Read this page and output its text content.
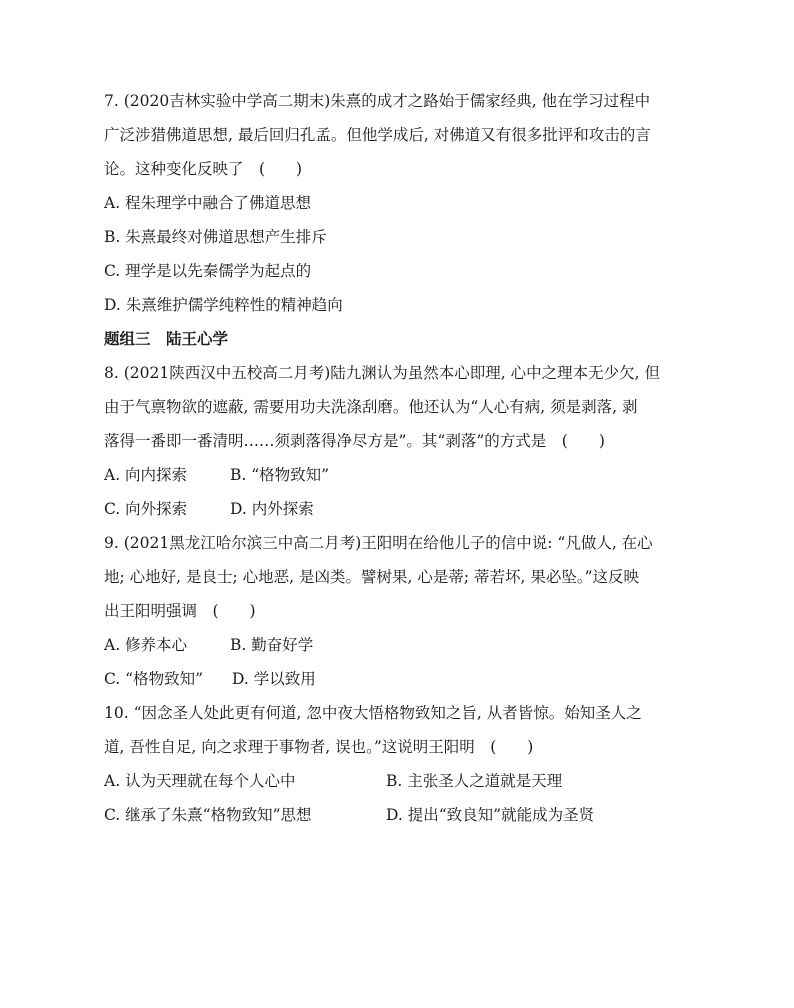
7. (2020吉林实验中学高二期末)朱熹的成才之路始于儒家经典, 他在学习过程中
广泛涉猎佛道思想, 最后回归孔孟。但他学成后, 对佛道又有很多批评和攻击的言
论。这种变化反映了　(　　)
A. 程朱理学中融合了佛道思想
B. 朱熹最终对佛道思想产生排斥
C. 理学是以先秦儒学为起点的
D. 朱熹维护儒学纯粹性的精神趋向
题组三　陆王心学
8. (2021陕西汉中五校高二月考)陆九渊认为虽然本心即理, 心中之理本无少欠, 但
由于气禀物欲的遮蔽, 需要用功夫洗涤刮磨。他还认为“人心有病, 须是剥落, 剥
落得一番即一番清明……须剥落得净尽方是”。其“剥落”的方式是　(　　)
A. 向内探索	B. “格物致知”
C. 向外探索	D. 内外探索
9. (2021黑龙江哈尔滨三中高二月考)王阳明在给他儿子的信中说: “凡做人, 在心
地; 心地好, 是良士; 心地恶, 是凶类。譬树果, 心是蒂; 蒂若坏, 果必坠。”这反映
出王阳明强调　(　　)
A. 修养本心	B. 勤奋好学
C. “格物致知”	D. 学以致用
10. “因念圣人处此更有何道, 忽中夜大悟格物致知之旨, 从者皆惊。始知圣人之
道, 吾性自足, 向之求理于事物者, 误也。”这说明王阳明　(　　)
A. 认为天理就在每个人心中	B. 主张圣人之道就是天理
C. 继承了朱熹“格物致知”思想	D. 提出“致良知”就能成为圣贤
